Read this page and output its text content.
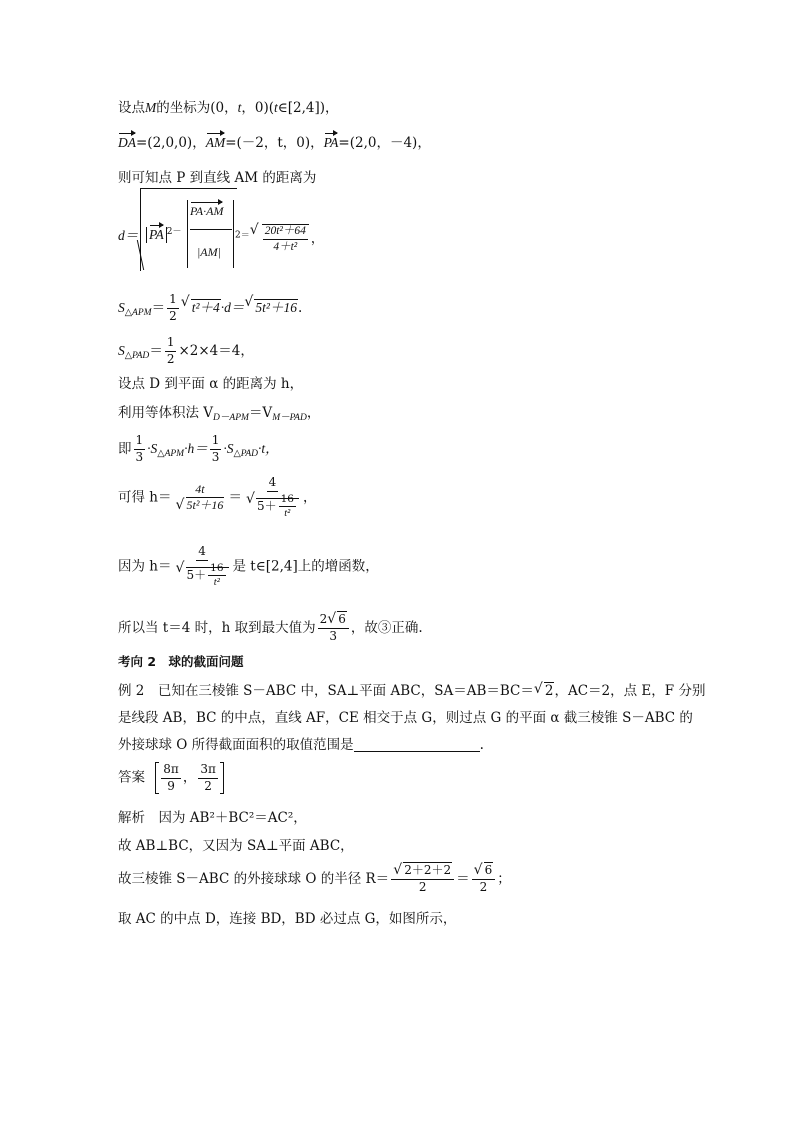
设点M的坐标为(0，t，0)(t∈[2,4])，
DA=(2,0,0)，AM=(－2，t，0)，PA=(2,0，－4)，
则可知点 P 到直线 AM 的距离为
d＝ PA $^{2-}$
PA·AM
|AM|
$^{2=}$ √ $\frac{\text{20t²＋64}}{\text{4＋t²}}$ ，
$S_{\triangle APM}= \frac{1}{2}$ √ t²＋4·d＝ √ 5t²＋16.
$S_{\triangle PAD}= \frac{1}{2} \times 2\times 4=4$，
设点 D 到平面 α 的距离为 h，
利用等体积法 $V_{D-APM}=V_{M-PAD}$，
即 $\frac{1}{3} \cdot S_{\triangle APM}\cdot h= \frac{1}{3} \cdot S_{\triangle PAD}\cdot t$，
可得 h＝ 4t
√ 5t²＋16 ＝ 4
√ $5+ \frac{16}{\text{t²}}$ ，
因为 h＝ 4
√ $5+ \frac{16}{\text{t²}}$ 是 t∈[2,4]上的增函数，
所以当 t＝4 时，h 取到最大值为 $\frac{2 √ 6}{3}$ ，故③正确.
考向 2　球的截面问题
例 2　已知在三棱锥 S－ABC 中，SA⊥平面 ABC，SA＝AB＝BC＝ √ 2，AC＝2，点 E，F 分别
是线段 AB，BC 的中点，直线 AF，CE 相交于点 G，则过点 G 的平面 α 截三棱锥 S－ABC 的
外接球球 O 所得截面面积的取值范围是	.
答案 $\frac{8\pi}{9}$ ， $\frac{3\pi}{2}$
解析　因为 AB²＋BC²＝AC²，
故 AB⊥BC，又因为 SA⊥平面 ABC，
故三棱锥 S－ABC 的外接球球 O 的半径 R＝ √ $\frac{2+2+2}{2}$ ＝ √ $\frac{6}{2}$ ；
取 AC 的中点 D，连接 BD，BD 必过点 G，如图所示，
